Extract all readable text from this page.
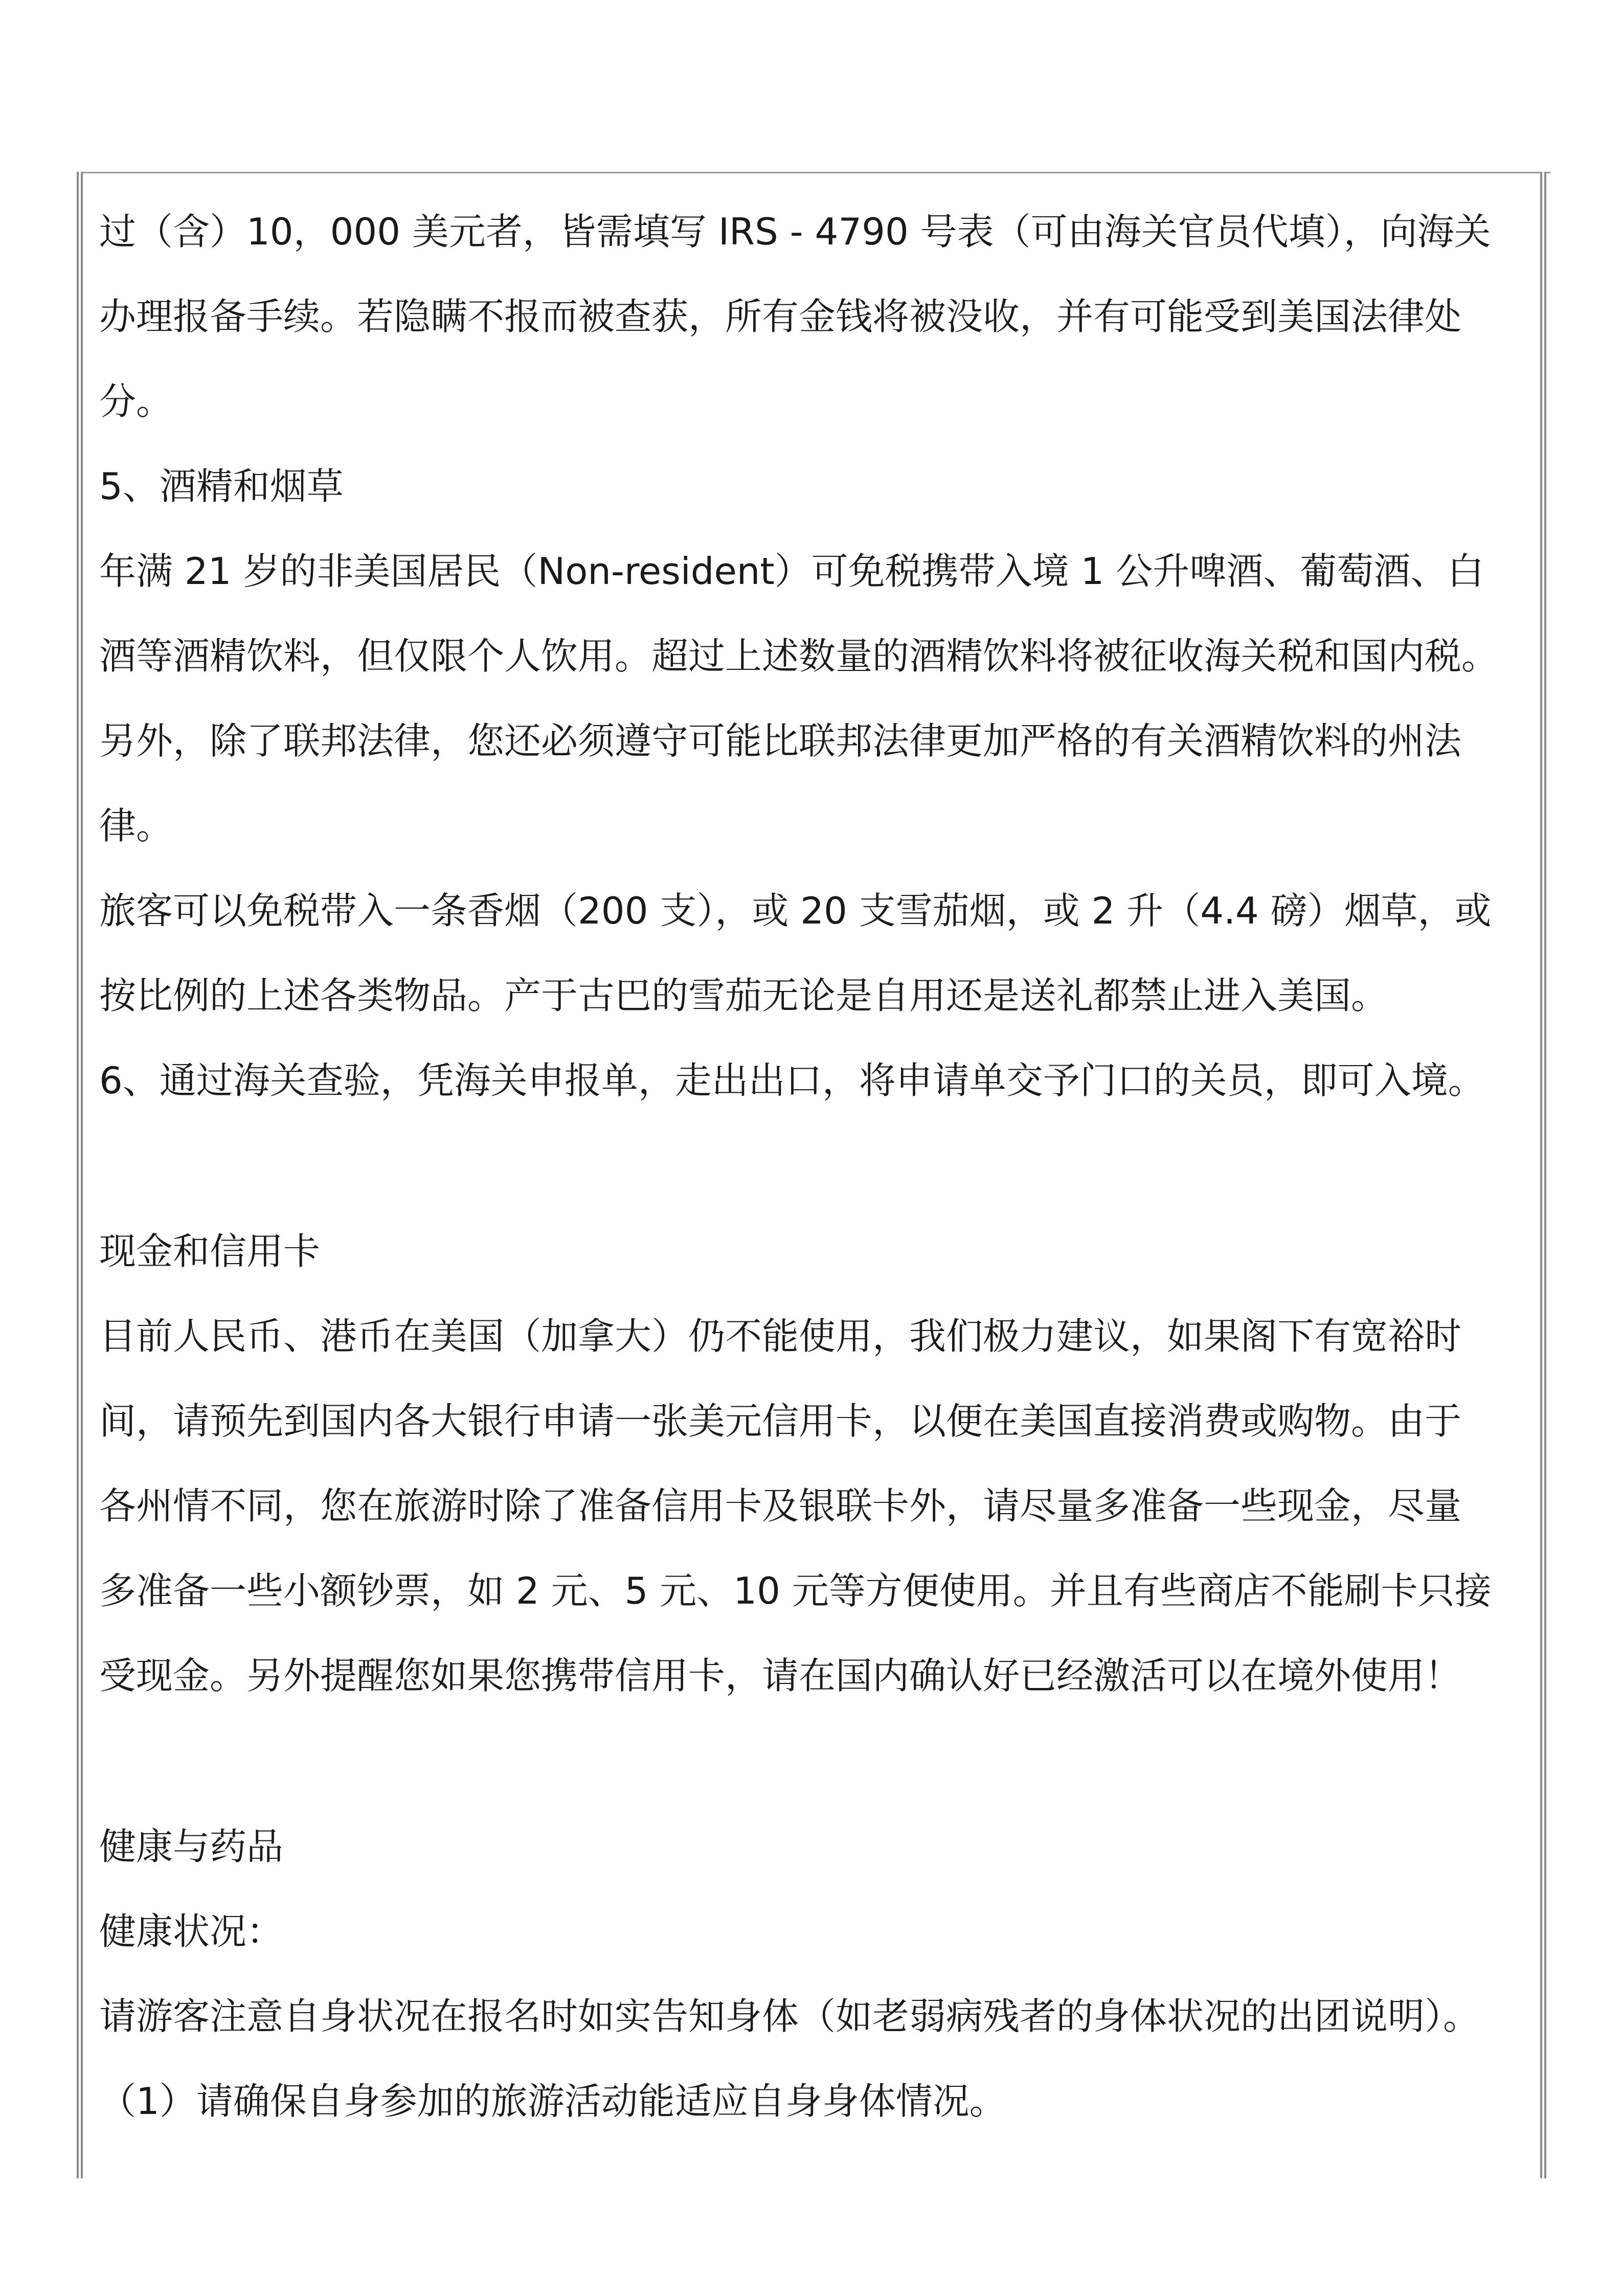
过（含）10，000 美元者，皆需填写 IRS - 4790 号表（可由海关官员代填），向海关
办理报备手续。若隐瞒不报而被查获，所有金钱将被没收，并有可能受到美国法律处
分。
5、酒精和烟草
年满 21 岁的非美国居民（Non-resident）可免税携带入境 1 公升啤酒、葡萄酒、白
酒等酒精饮料，但仅限个人饮用。超过上述数量的酒精饮料将被征收海关税和国内税。
另外，除了联邦法律，您还必须遵守可能比联邦法律更加严格的有关酒精饮料的州法
律。
旅客可以免税带入一条香烟（200 支），或 20 支雪茄烟，或 2 升（4.4 磅）烟草，或
按比例的上述各类物品。产于古巴的雪茄无论是自用还是送礼都禁止进入美国。
6、通过海关查验，凭海关申报单，走出出口，将申请单交予门口的关员，即可入境。
现金和信用卡
目前人民币、港币在美国（加拿大）仍不能使用，我们极力建议，如果阁下有宽裕时
间，请预先到国内各大银行申请一张美元信用卡，以便在美国直接消费或购物。由于
各州情不同，您在旅游时除了准备信用卡及银联卡外，请尽量多准备一些现金，尽量
多准备一些小额钞票，如 2 元、5 元、10 元等方便使用。并且有些商店不能刷卡只接
受现金。另外提醒您如果您携带信用卡，请在国内确认好已经激活可以在境外使用！
健康与药品
健康状况：
请游客注意自身状况在报名时如实告知身体（如老弱病残者的身体状况的出团说明）。
（1）请确保自身参加的旅游活动能适应自身身体情况。
